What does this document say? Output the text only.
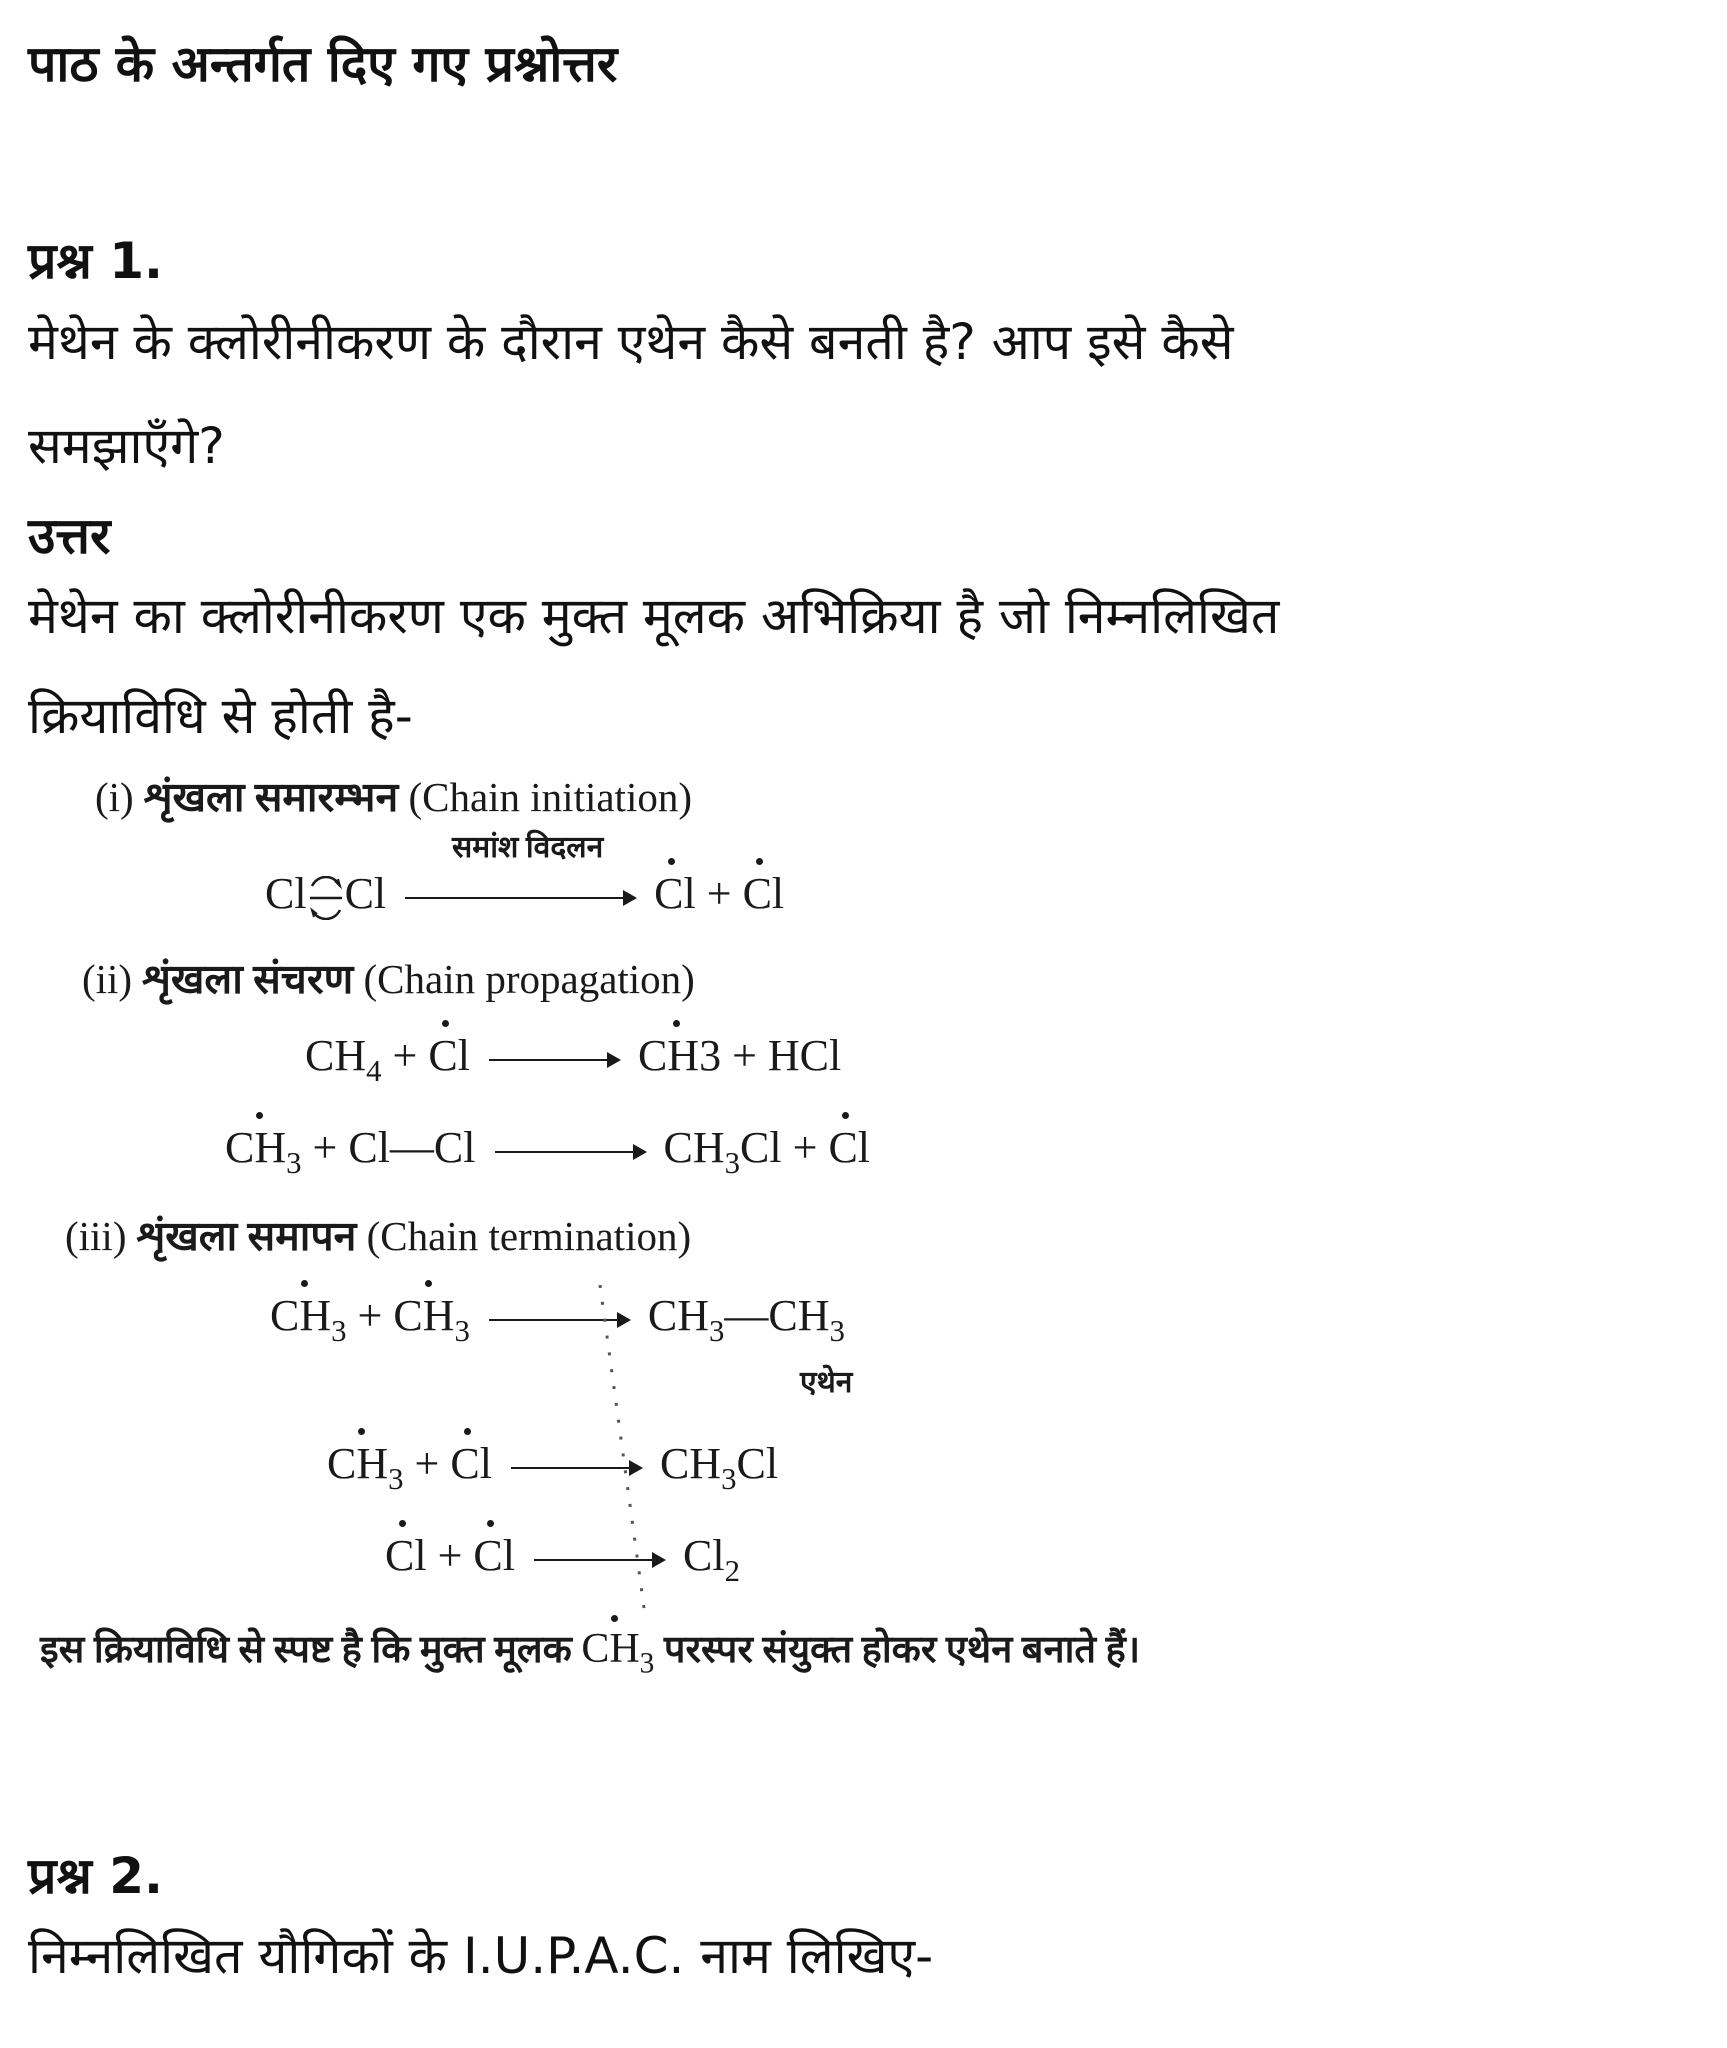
पाठ के अन्तर्गत दिए गए प्रश्नोत्तर
प्रश्न 1.
मेथेन के क्लोरीनीकरण के दौरान एथेन कैसे बनती है? आप इसे कैसे
समझाएँगे?
उत्तर
मेथेन का क्लोरीनीकरण एक मुक्त मूलक अभिक्रिया है जो निम्नलिखित
क्रियाविधि से होती है-
(i) शृंखला समारम्भन (Chain initiation)
समांश विदलन
Cl Cl	Cl + Cl
(ii) शृंखला संचरण (Chain propagation)
$CH_4 + Cl \to CH3$ + HCl
$CH_3$ + Cl—Cl → $CH_3Cl + Cl$
(iii) शृंखला समापन (Chain termination)
$CH_3 + CH_3$ → $CH_3—CH_3$
एथेन
$CH_3 + Cl \to CH_3Cl$
$Cl + Cl \to Cl_2$
इस क्रियाविधि से स्पष्ट है कि मुक्त मूलक $CH_3$ परस्पर संयुक्त होकर एथेन बनाते हैं।
प्रश्न 2.
निम्नलिखित यौगिकों के I.U.P.A.C. नाम लिखिए-
